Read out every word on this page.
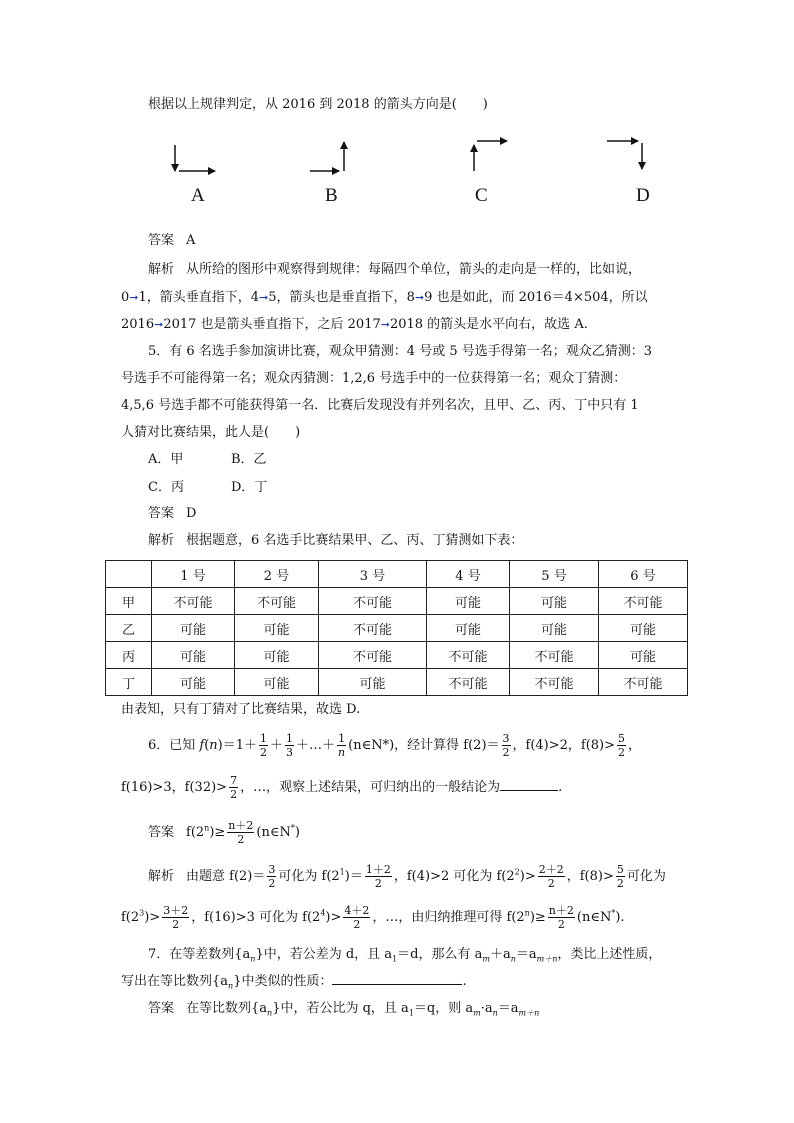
根据以上规律判定，从 2016 到 2018 的箭头方向是(　　)
A	B	C	D
答案 A
解析 从所给的图形中观察得到规律：每隔四个单位，箭头的走向是一样的，比如说，
0➞1，箭头垂直指下，4➞5，箭头也是垂直指下，8➞9 也是如此，而 2016＝4×504，所以
2016➞2017 也是箭头垂直指下，之后 2017➞2018 的箭头是水平向右，故选 A.
5．有 6 名选手参加演讲比赛，观众甲猜测：4 号或 5 号选手得第一名；观众乙猜测：3
号选手不可能得第一名；观众丙猜测：1,2,6 号选手中的一位获得第一名；观众丁猜测：
4,5,6 号选手都不可能获得第一名．比赛后发现没有并列名次，且甲、乙、丙、丁中只有 1
人猜对比赛结果，此人是(　　)
A．甲	B．乙
C．丙	D．丁
答案 D
解析 根据题意，6 名选手比赛结果甲、乙、丙、丁猜测如下表：
	1 号	2 号	3 号	4 号	5 号	6 号
甲	不可能	不可能	不可能	可能	可能	不可能
乙	可能	可能	不可能	可能	可能	可能
丙	可能	可能	不可能	不可能	不可能	可能
丁	可能	可能	可能	不可能	不可能	不可能
由表知，只有丁猜对了比赛结果，故选 D.
6．已知 $f(n)=1+ \frac{1}{2} + \frac{1}{3}$ ＋…＋ $\frac{1}{n}$ (n∈N*)，经计算得 $f(2)= \frac{3}{2}$ ，f(4)>2，$f(8)> \frac{5}{2}$ ，
f(16)>3，$f(32)> \frac{7}{2}$ ，…，观察上述结果，可归纳出的一般结论为	.
答案 $f(2^n)\ge \frac{n+2}{2}$ (n∈N*)
解析 由题意 $f(2)= \frac{3}{2}$ 可化为 $f(2^1)= \frac{1+2}{2}$ ，f(4)>2 可化为 $f(2^2)> \frac{2+2}{2}$ ，$f(8)> \frac{5}{2}$ 可化为
$f(2^3)> \frac{3+2}{2}$ ，f(16)>3 可化为 $f(2^4)> \frac{4+2}{2}$ ，…，由归纳推理可得 $f(2^n)\ge \frac{n+2}{2}$ (n∈N*).
7．在等差数列$\{a_n\}$中，若公差为 d，且 $a_1=d$，那么有 $a_m+a_n=a_{m+n}$，类比上述性质，
写出在等比数列$\{a_n\}$中类似的性质：	.
答案 在等比数列$\{a_n\}$中，若公比为 q，且 $a_1=q$，则 $a_m\cdot a_n=a_{m+n}$
